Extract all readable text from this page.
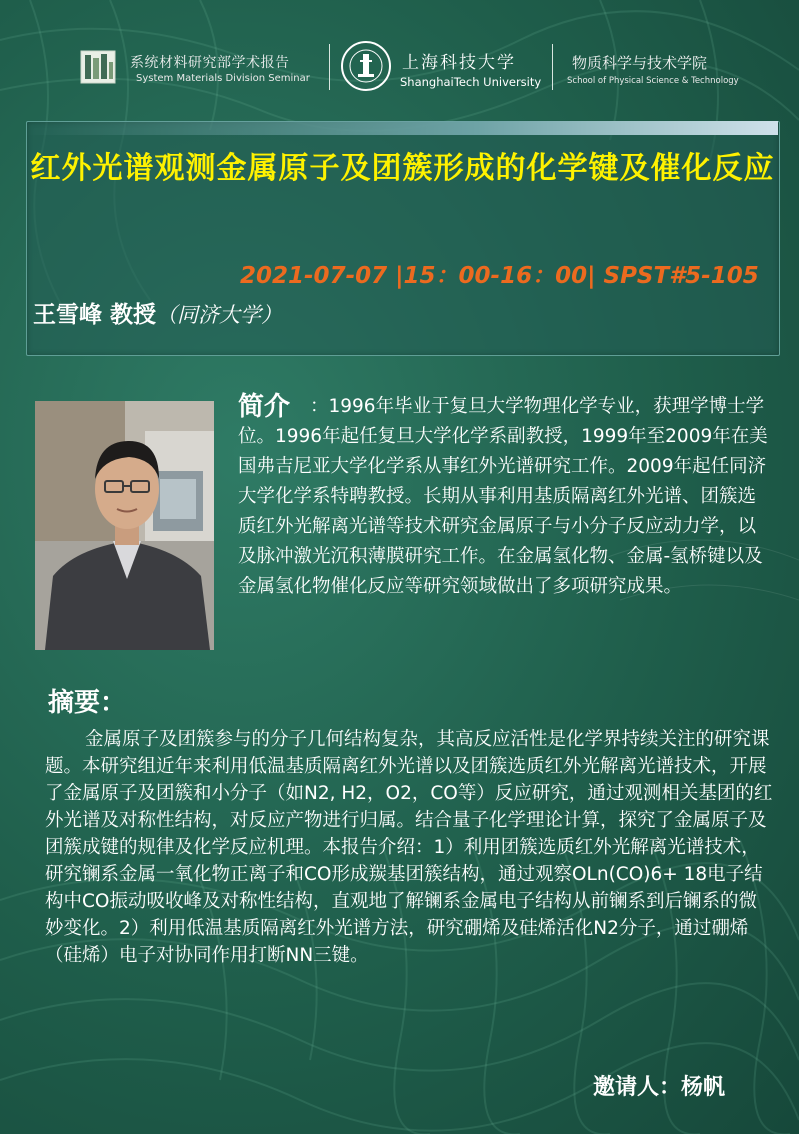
系统材料研究部学术报告
System Materials Division Seminar
上海科技大学
ShanghaiTech University
物质科学与技术学院
School of Physical Science & Technology
红外光谱观测金属原子及团簇形成的化学键及催化反应
2021-07-07 |15：00-16：00| SPST#5-105
王雪峰 教授（同济大学）
简介	：1996年毕业于复旦大学物理化学专业，获理学博士学位。1996年起任复旦大学化学系副教授，1999年至2009年在美国弗吉尼亚大学化学系从事红外光谱研究工作。2009年起任同济大学化学系特聘教授。长期从事利用基质隔离红外光谱、团簇选质红外光解离光谱等技术研究金属原子与小分子反应动力学，以及脉冲激光沉积薄膜研究工作。在金属氢化物、金属-氢桥键以及金属氢化物催化反应等研究领域做出了多项研究成果。

摘要：

金属原子及团簇参与的分子几何结构复杂，其高反应活性是化学界持续关注的研究课题。本研究组近年来利用低温基质隔离红外光谱以及团簇选质红外光解离光谱技术，开展了金属原子及团簇和小分子（如N2, H2，O2，CO等）反应研究，通过观测相关基团的红外光谱及对称性结构，对反应产物进行归属。结合量子化学理论计算，探究了金属原子及团簇成键的规律及化学反应机理。本报告介绍：1）利用团簇选质红外光解离光谱技术，研究镧系金属一氧化物正离子和CO形成羰基团簇结构，通过观察OLn(CO)6+ 18电子结构中CO振动吸收峰及对称性结构，直观地了解镧系金属电子结构从前镧系到后镧系的微妙变化。2）利用低温基质隔离红外光谱方法，研究硼烯及硅烯活化N2分子，通过硼烯（硅烯）电子对协同作用打断NN三键。

邀请人：杨帆
